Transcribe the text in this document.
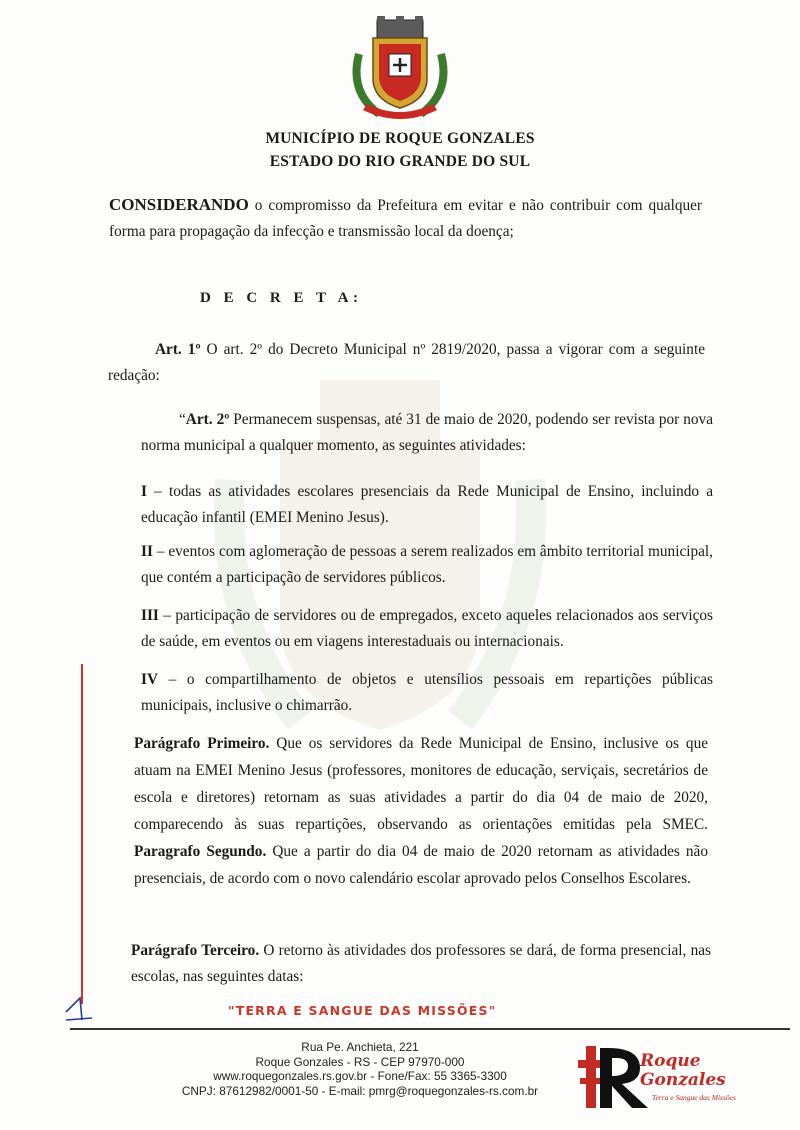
MUNICÍPIO DE ROQUE GONZALES
ESTADO DO RIO GRANDE DO SUL
CONSIDERANDO o compromisso da Prefeitura em evitar e não contribuir com qualquer forma para propagação da infecção e transmissão local da doença;
D E C R E T A:
Art. 1º O art. 2º do Decreto Municipal nº 2819/2020, passa a vigorar com a seguinte redação:
“Art. 2º Permanecem suspensas, até 31 de maio de 2020, podendo ser revista por nova norma municipal a qualquer momento, as seguintes atividades:
I – todas as atividades escolares presenciais da Rede Municipal de Ensino, incluindo a educação infantil (EMEI Menino Jesus).
II – eventos com aglomeração de pessoas a serem realizados em âmbito territorial municipal, que contém a participação de servidores públicos.
III – participação de servidores ou de empregados, exceto aqueles relacionados aos serviços de saúde, em eventos ou em viagens interestaduais ou internacionais.
IV – o compartilhamento de objetos e utensílios pessoais em repartições públicas municipais, inclusive o chimarrão.
Parágrafo Primeiro. Que os servidores da Rede Municipal de Ensino, inclusive os que atuam na EMEI Menino Jesus (professores, monitores de educação, serviçais, secretários de escola e diretores) retornam as suas atividades a partir do dia 04 de maio de 2020, comparecendo às suas repartições, observando as orientações emitidas pela SMEC. Paragrafo Segundo. Que a partir do dia 04 de maio de 2020 retornam as atividades não presenciais, de acordo com o novo calendário escolar aprovado pelos Conselhos Escolares.
Parágrafo Terceiro. O retorno às atividades dos professores se dará, de forma presencial, nas escolas, nas seguintes datas:
"TERRA E SANGUE DAS MISSÕES"
Rua Pe. Anchieta, 221
Roque Gonzales - RS - CEP 97970-000
www.roquegonzales.rs.gov.br - Fone/Fax: 55 3365-3300
CNPJ: 87612982/0001-50 - E-mail: pmrg@roquegonzales-rs.com.br
Roque
Gonzales
Terra e Sangue das Missões
